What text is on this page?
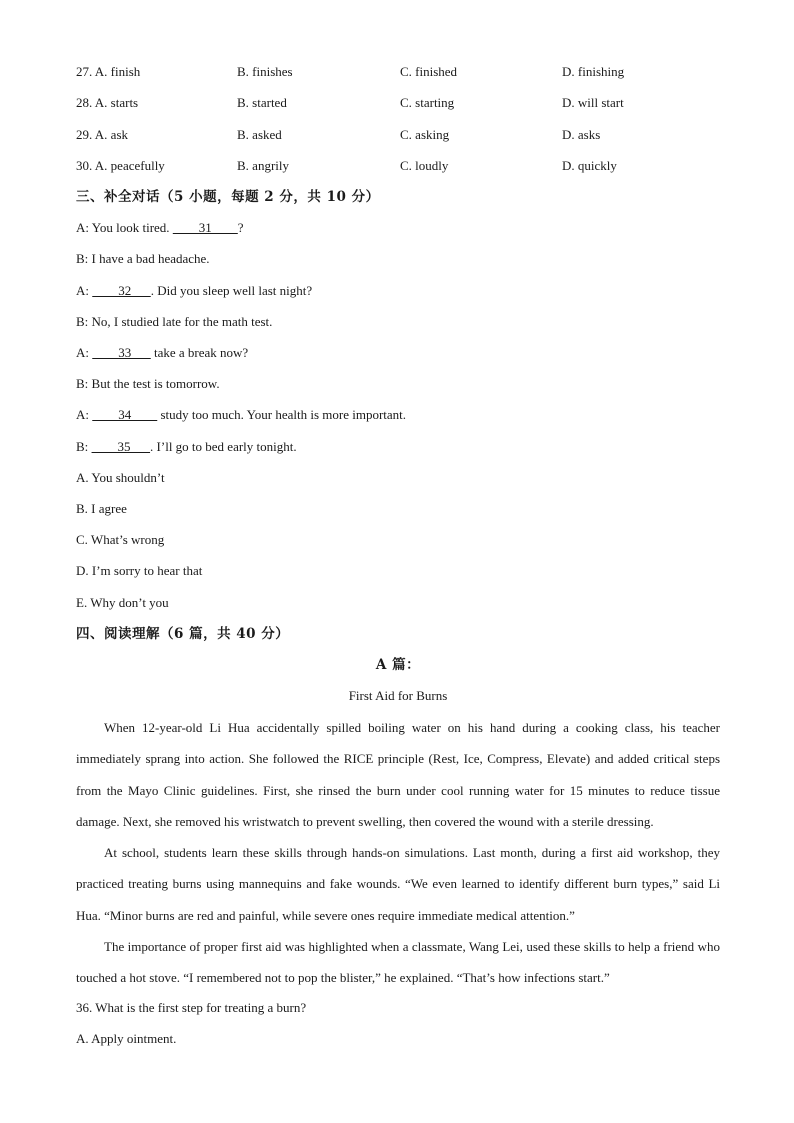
27. A. finish	B. finishes	C. finished	D. finishing
28. A. starts	B. started	C. starting	D. will start
29. A. ask	B. asked	C. asking	D. asks
30. A. peacefully	B. angrily	C. loudly	D. quickly
三、补全对话（5 小题，每题 2 分，共 10 分）
A: You look tired.     31    ?
B: I have a bad headache.
A:     32   . Did you sleep well last night?
B: No, I studied late for the math test.
A:     33    take a break now?
B: But the test is tomorrow.
A:     34     study too much. Your health is more important.
B:     35   . I’ll go to bed early tonight.
A. You shouldn’t
B. I agree
C. What’s wrong
D. I’m sorry to hear that
E. Why don’t you
四、阅读理解（6 篇，共 40 分）
A 篇：
First Aid for Burns

When 12-year-old Li Hua accidentally spilled boiling water on his hand during a cooking class, his teacher immediately sprang into action. She followed the RICE principle (Rest, Ice, Compress, Elevate) and added critical steps from the Mayo Clinic guidelines. First, she rinsed the burn under cool running water for 15 minutes to reduce tissue damage. Next, she removed his wristwatch to prevent swelling, then covered the wound with a sterile dressing.

At school, students learn these skills through hands-on simulations. Last month, during a first aid workshop, they practiced treating burns using mannequins and fake wounds. “We even learned to identify different burn types,” said Li Hua. “Minor burns are red and painful, while severe ones require immediate medical attention.”

The importance of proper first aid was highlighted when a classmate, Wang Lei, used these skills to help a friend who touched a hot stove. “I remembered not to pop the blister,” he explained. “That’s how infections start.”

36. What is the first step for treating a burn?
A. Apply ointment.
